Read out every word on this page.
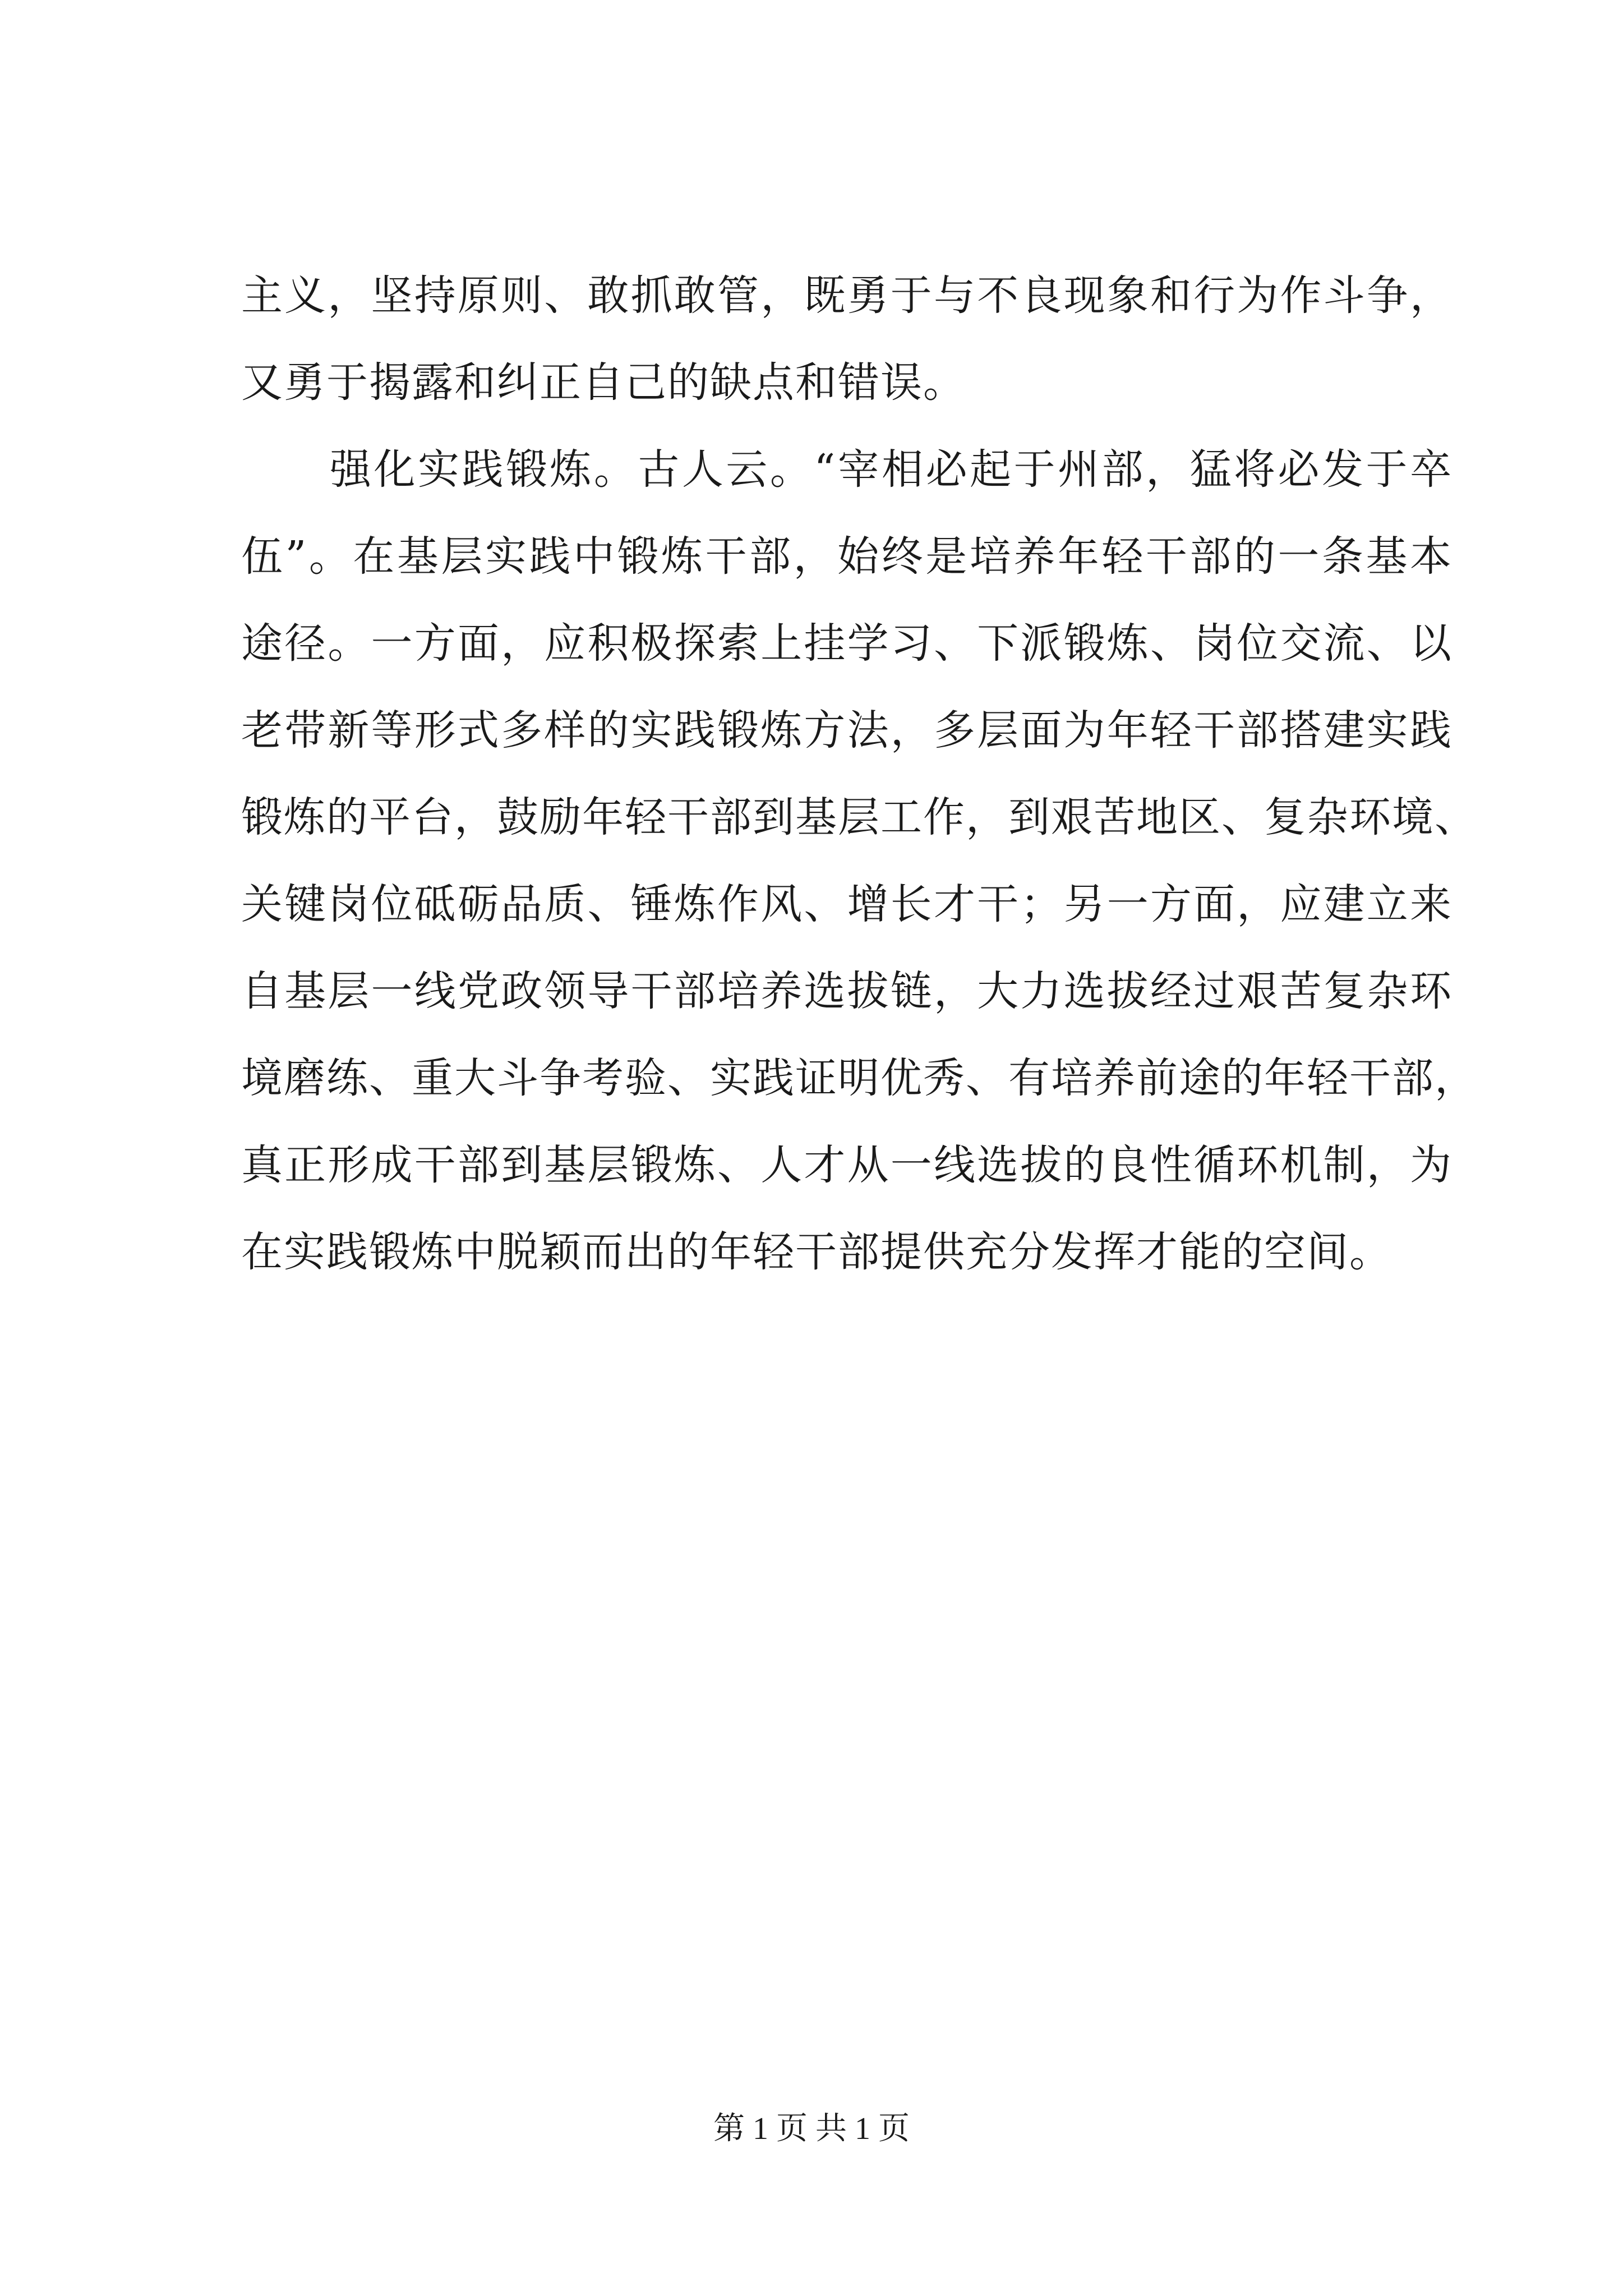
主义，坚持原则、敢抓敢管，既勇于与不良现象和行为作斗争，
又勇于揭露和纠正自己的缺点和错误。
强化实践锻炼。古人云。“宰相必起于州部，猛将必发于卒
伍”。在基层实践中锻炼干部，始终是培养年轻干部的一条基本
途径。一方面，应积极探索上挂学习、下派锻炼、岗位交流、以
老带新等形式多样的实践锻炼方法，多层面为年轻干部搭建实践
锻炼的平台，鼓励年轻干部到基层工作，到艰苦地区、复杂环境、
关键岗位砥砺品质、锤炼作风、增长才干；另一方面，应建立来
自基层一线党政领导干部培养选拔链，大力选拔经过艰苦复杂环
境磨练、重大斗争考验、实践证明优秀、有培养前途的年轻干部，
真正形成干部到基层锻炼、人才从一线选拔的良性循环机制，为
在实践锻炼中脱颖而出的年轻干部提供充分发挥才能的空间。
第 1 页 共 1 页
